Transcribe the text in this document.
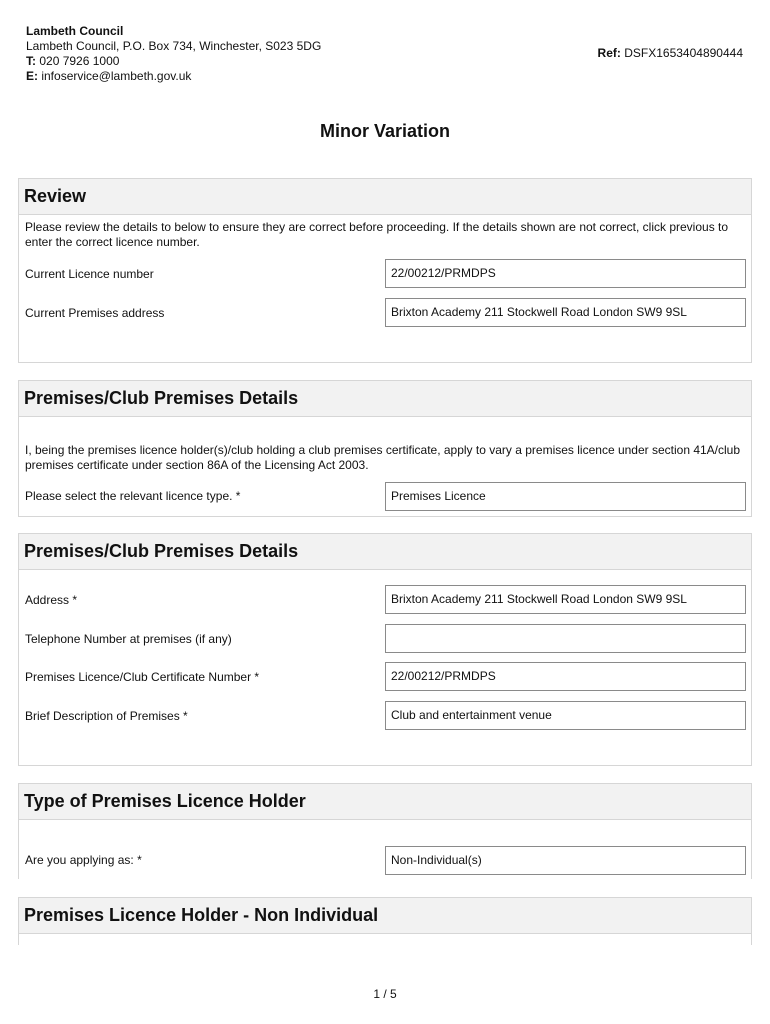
Lambeth Council
Lambeth Council, P.O. Box 734, Winchester, S023 5DG
T: 020 7926 1000
E: infoservice@lambeth.gov.uk
Ref: DSFX1653404890444
Minor Variation
Review
Please review the details to below to ensure they are correct before proceeding. If the details shown are not correct, click previous to enter the correct licence number.
Current Licence number	22/00212/PRMDPS
Current Premises address	Brixton Academy 211 Stockwell Road London SW9 9SL
Premises/Club Premises Details
I, being the premises licence holder(s)/club holding a club premises certificate, apply to vary a premises licence under section 41A/club premises certificate under section 86A of the Licensing Act 2003.
Please select the relevant licence type. *	Premises Licence
Premises/Club Premises Details
Address *	Brixton Academy 211 Stockwell Road London SW9 9SL
Telephone Number at premises (if any)
Premises Licence/Club Certificate Number *	22/00212/PRMDPS
Brief Description of Premises *	Club and entertainment venue
Type of Premises Licence Holder
Are you applying as: *	Non-Individual(s)
Premises Licence Holder - Non Individual
1 / 5
